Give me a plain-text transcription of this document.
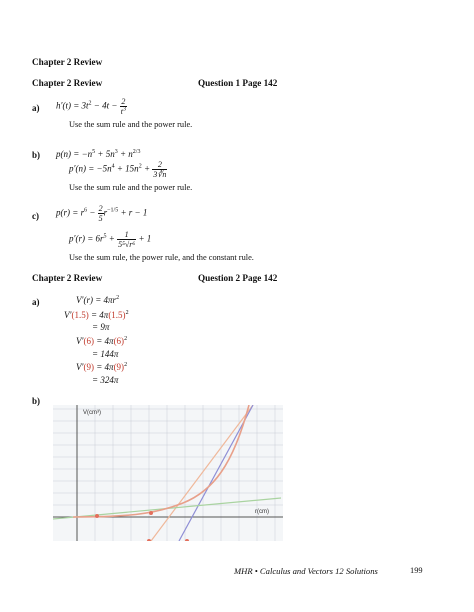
Chapter 2 Review
Chapter 2 Review	Question 1 Page 142
a) $h'(t) = 3t^2 - 4t - \frac{2}{t^3}$
Use the sum rule and the power rule.
b) $p(n) = -n^5 + 5n^3 + n^{2/3}$
$p'(n) = -5n^4 + 15n^2 + \frac{2}{3∛n}$
Use the sum rule and the power rule.
c) $p(r) = r^6 - \frac{2}{5} r^{-1/5} + r - 1$
$p'(r) = 6r^5 + \frac{1}{\text{5⁵√r⁶}} + 1$
Use the sum rule, the power rule, and the constant rule.
Chapter 2 Review	Question 2 Page 142
a)	$V'(r) = 4\pi r^2$
$V'(1.5) = 4\pi(1.5)^2$
= 9π
$V'(6) = 4\pi(6)^2$
= 144π
$V'(9) = 4\pi(9)^2$
= 324π
b)
V(cm³)
r(cm)
MHR • Calculus and Vectors 12 Solutions	199
